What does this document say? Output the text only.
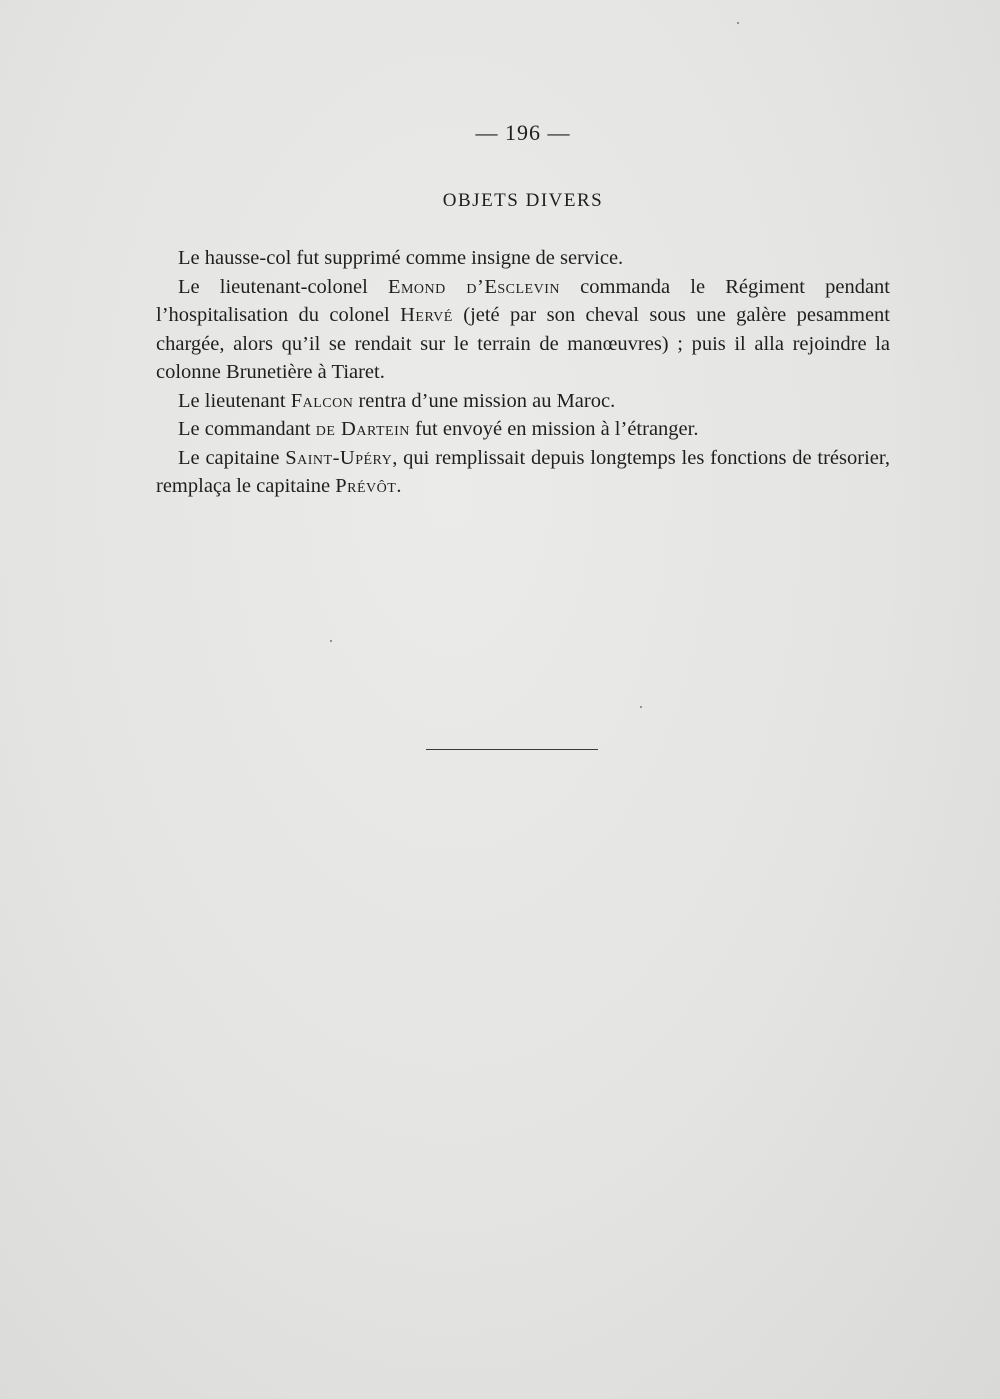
— 196 —
OBJETS DIVERS

Le hausse-col fut supprimé comme insigne de service.

Le lieutenant-colonel Emond d’Esclevin commanda le Régiment pendant l’hospitalisation du colonel Hervé (jeté par son cheval sous une galère pesamment chargée, alors qu’il se rendait sur le terrain de manœuvres) ; puis il alla rejoindre la colonne Brunetière à Tiaret.

Le lieutenant Falcon rentra d’une mission au Maroc.

Le commandant de Dartein fut envoyé en mission à l’étranger.

Le capitaine Saint-Upéry, qui remplissait depuis longtemps les fonctions de trésorier, remplaça le capitaine Prévôt.
